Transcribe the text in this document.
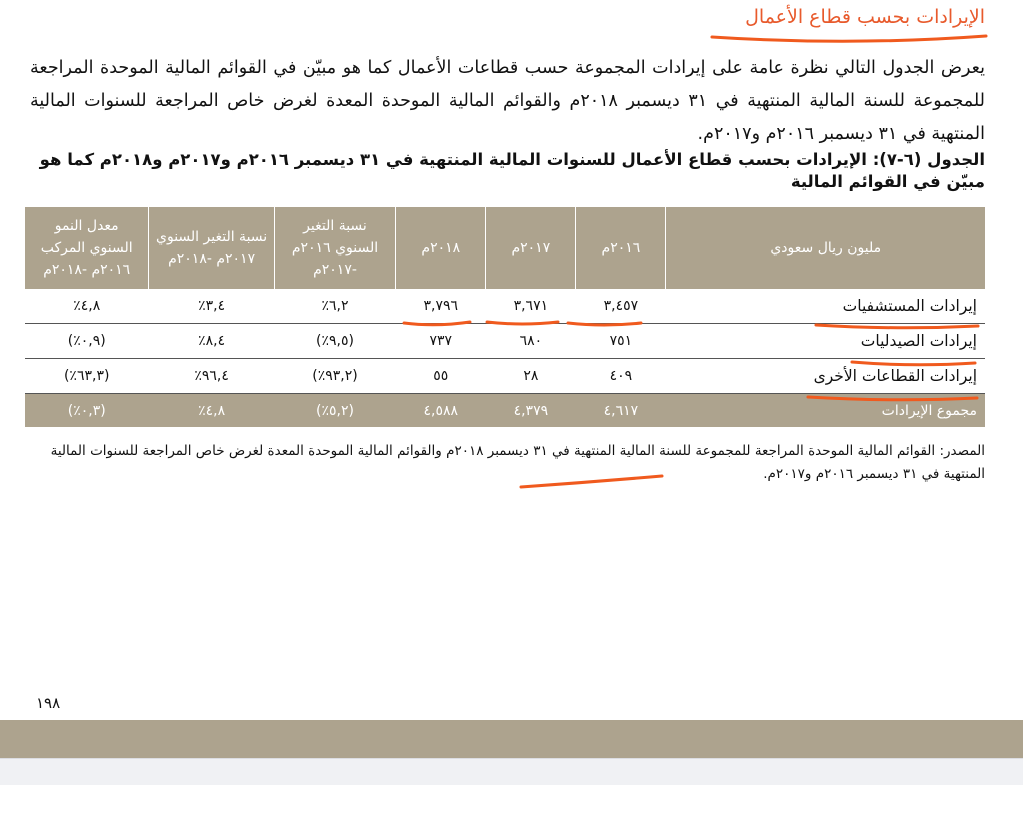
الإيرادات بحسب قطاع الأعمال
يعرض الجدول التالي نظرة عامة على إيرادات المجموعة حسب قطاعات الأعمال كما هو مبيّن في القوائم المالية الموحدة المراجعة للمجموعة للسنة المالية المنتهية في ٣١ ديسمبر ٢٠١٨م والقوائم المالية الموحدة المعدة لغرض خاص المراجعة للسنوات المالية المنتهية في ٣١ ديسمبر ٢٠١٦م و٢٠١٧م.
الجدول (٦-٧): الإيرادات بحسب قطاع الأعمال للسنوات المالية المنتهية في ٣١ ديسمبر ٢٠١٦م و٢٠١٧م و٢٠١٨م كما هو مبيّن في القوائم المالية
مليون ريال سعودي	٢٠١٦م	٢٠١٧م	٢٠١٨م	نسبة التغير السنوي ٢٠١٦م -٢٠١٧م	نسبة التغير السنوي ٢٠١٧م -٢٠١٨م	معدل النمو السنوي المركب ٢٠١٦م -٢٠١٨م
إيرادات المستشفيات	٣,٤٥٧	٣,٦٧١	٣,٧٩٦	٦,٢٪	٣,٤٪	٤,٨٪
إيرادات الصيدليات	٧٥١	٦٨٠	٧٣٧	(٩,٥٪)	٨,٤٪	(٠,٩٪)
إيرادات القطاعات الأخرى	٤٠٩	٢٨	٥٥	(٩٣,٢٪)	٩٦,٤٪	(٦٣,٣٪)
مجموع الإيرادات	٤,٦١٧	٤,٣٧٩	٤,٥٨٨	(٥,٢٪)	٤,٨٪	(٠,٣٪)
المصدر: القوائم المالية الموحدة المراجعة للمجموعة للسنة المالية المنتهية في ٣١ ديسمبر ٢٠١٨م والقوائم المالية الموحدة المعدة لغرض خاص المراجعة للسنوات المالية المنتهية في ٣١ ديسمبر ٢٠١٦م و٢٠١٧م.
١٩٨
